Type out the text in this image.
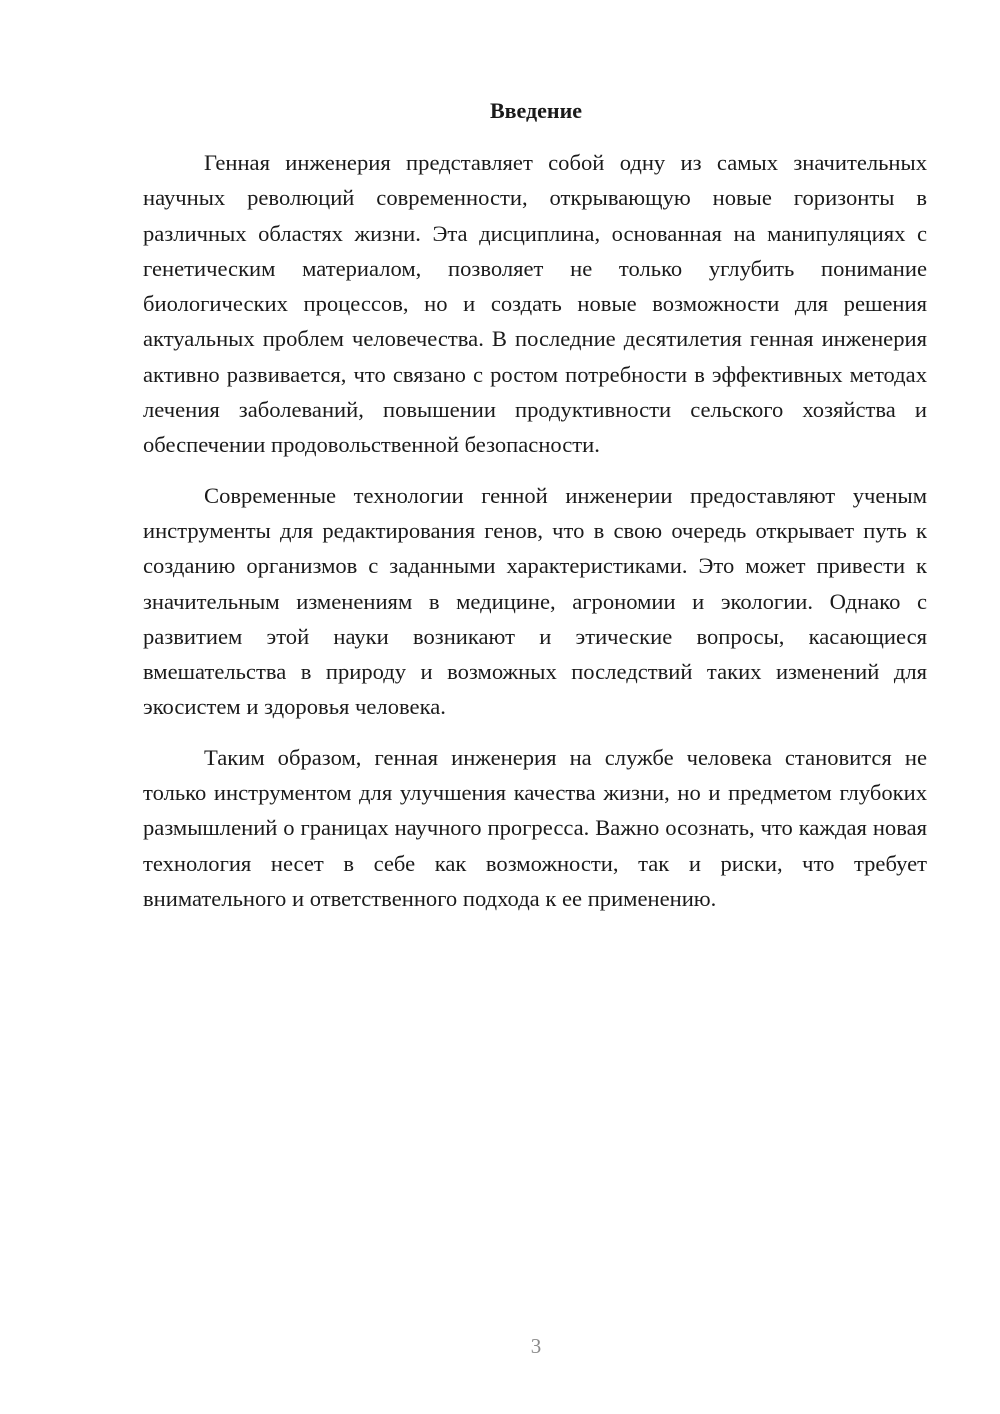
Введение

Генная инженерия представляет собой одну из самых значительных научных революций современности, открывающую новые горизонты в различных областях жизни. Эта дисциплина, основанная на манипуляциях с генетическим материалом, позволяет не только углубить понимание биологических процессов, но и создать новые возможности для решения актуальных проблем человечества. В последние десятилетия генная инженерия активно развивается, что связано с ростом потребности в эффективных методах лечения заболеваний, повышении продуктивности сельского хозяйства и обеспечении продовольственной безопасности.

Современные технологии генной инженерии предоставляют ученым инструменты для редактирования генов, что в свою очередь открывает путь к созданию организмов с заданными характеристиками. Это может привести к значительным изменениям в медицине, агрономии и экологии. Однако с развитием этой науки возникают и этические вопросы, касающиеся вмешательства в природу и возможных последствий таких изменений для экосистем и здоровья человека.

Таким образом, генная инженерия на службе человека становится не только инструментом для улучшения качества жизни, но и предметом глубоких размышлений о границах научного прогресса. Важно осознать, что каждая новая технология несет в себе как возможности, так и риски, что требует внимательного и ответственного подхода к ее применению.

3
